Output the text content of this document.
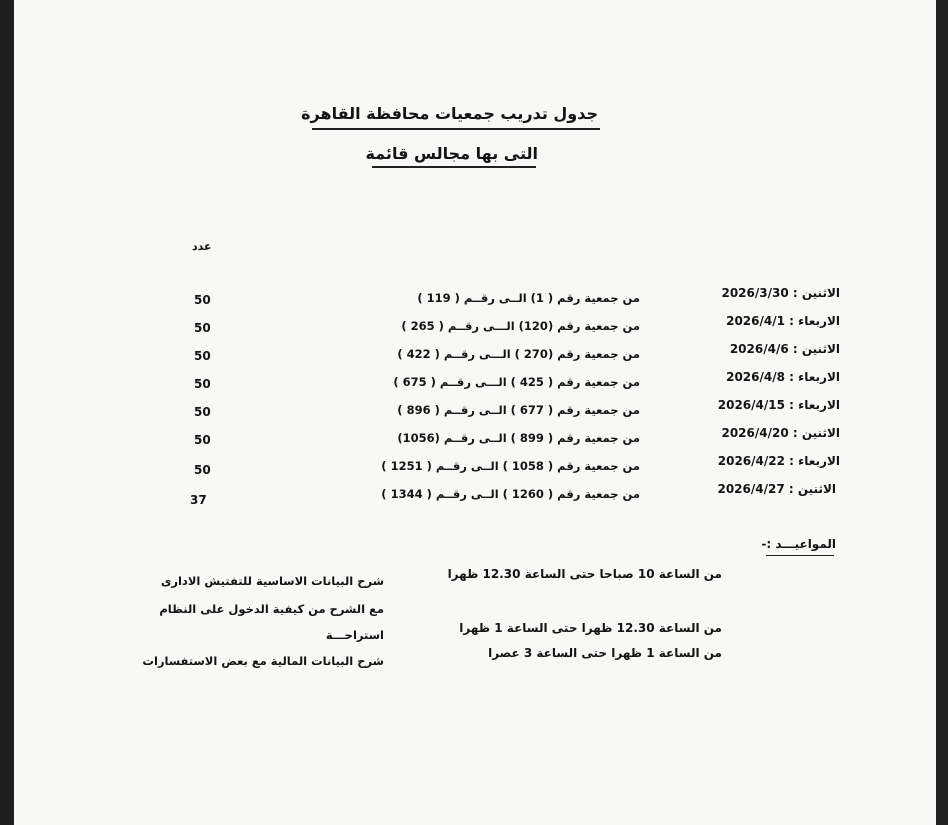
جدول تدريب جمعيات محافظة القاهرة
التى بها مجالس قائمة
عدد
الاثنين : 2026/3/30
من جمعية رقم ( 1) الــى رقــم ( 119 )
50
الاربعاء : 2026/4/1
من جمعية رقم (120) الـــى رقــم ( 265 )
50
الاثنين : 2026/4/6
من جمعية رقم (270 ) الـــى رقــم ( 422 )
50
الاربعاء : 2026/4/8
من جمعية رقم ( 425 ) الـــى رقــم ( 675 )
50
الاربعاء : 2026/4/15
من جمعية رقم ( 677 ) الــى رقــم ( 896 )
50
الاثنين : 2026/4/20
من جمعية رقم ( 899 ) الــى رقــم (1056)
50
الاربعاء : 2026/4/22
من جمعية رقم ( 1058 ) الــى رقــم ( 1251 )
50
الاثنين : 2026/4/27
من جمعية رقم ( 1260 ) الــى رقــم ( 1344 )
37
المواعيـــد :-
من الساعة 10 صباحا حتى الساعة 12.30 ظهرا
شرح البيانات الاساسية للتفتيش الادارى
مع الشرح من كيفية الدخول على النظام
من الساعة 12.30 ظهرا حتى الساعة 1 ظهرا
استراحـــة
من الساعة 1 ظهرا حتى الساعة 3 عصرا
شرح البيانات المالية مع بعض الاستفسارات
